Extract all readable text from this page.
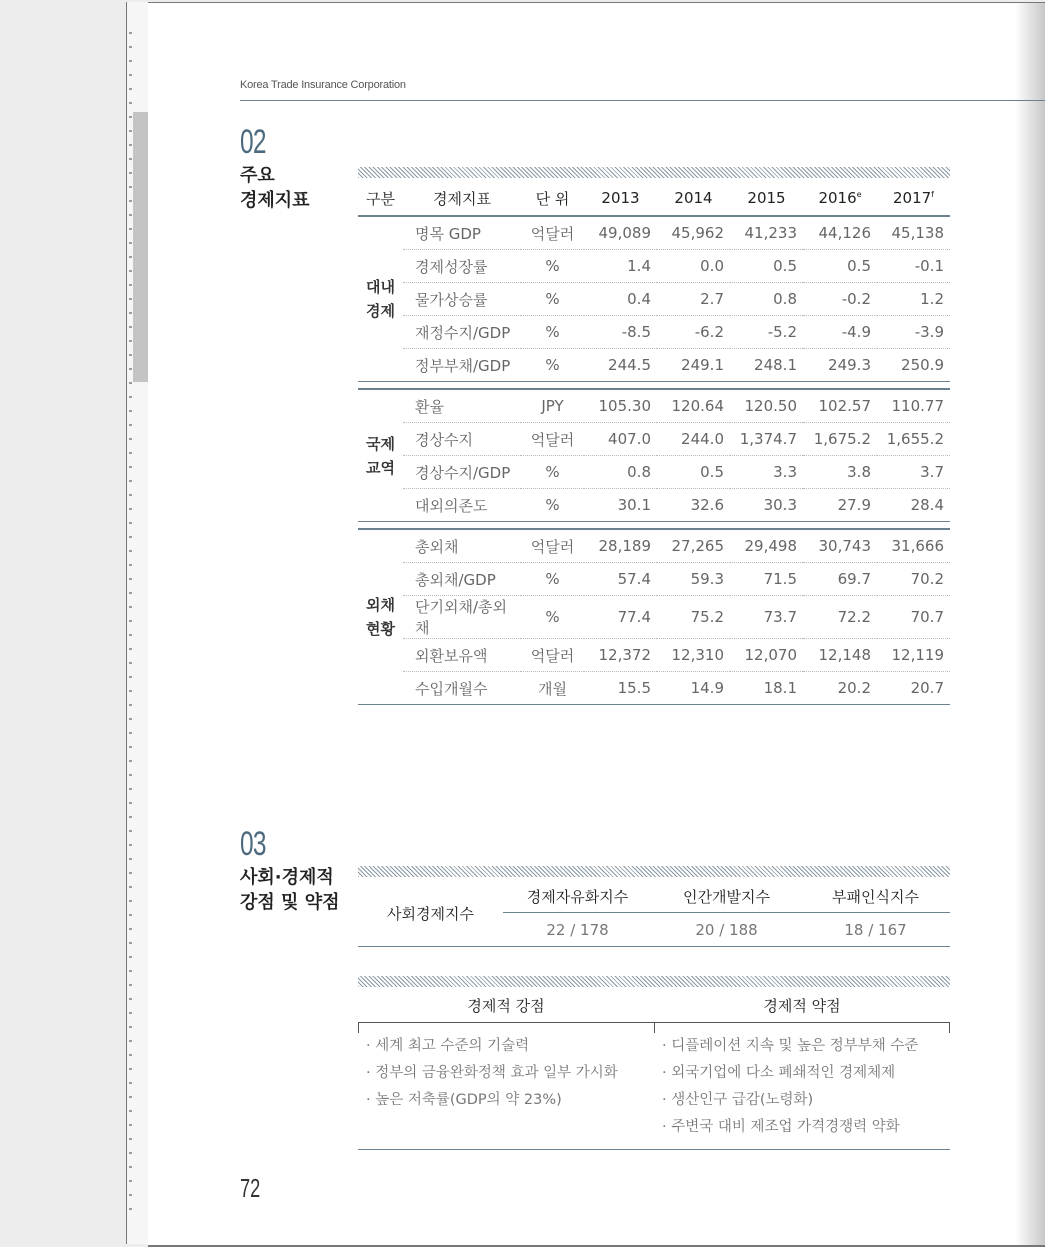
Korea Trade Insurance Corporation
02
주요
경제지표	구분	경제지표	단 위	2013	2014	2015	2016e	2017$^f$
대내
경제	명목 GDP	억달러	49,089	45,962	41,233	44,126	45,138
	경제성장률	%	1.4	0.0	0.5	0.5	-0.1
	물가상승률	%	0.4	2.7	0.8	-0.2	1.2
	재정수지/GDP	%	-8.5	-6.2	-5.2	-4.9	-3.9
	정부부채/GDP	%	244.5	249.1	248.1	249.3	250.9

국제
교역	환율	JPY	105.30	120.64	120.50	102.57	110.77
	경상수지	억달러	407.0	244.0	1,374.7	1,675.2	1,655.2
	경상수지/GDP	%	0.8	0.5	3.3	3.8	3.7
	대외의존도	%	30.1	32.6	30.3	27.9	28.4

외채
현황	총외채	억달러	28,189	27,265	29,498	30,743	31,666
	총외채/GDP	%	57.4	59.3	71.5	69.7	70.2
	단기외채/총외채	%	77.4	75.2	73.7	72.2	70.7
	외환보유액	억달러	12,372	12,310	12,070	12,148	12,119
	수입개월수	개월	15.5	14.9	18.1	20.2	20.7
03
사회·경제적
강점 및 약점
사회경제지수	경제자유화지수	인간개발지수	부패인식지수
	22 / 178	20 / 188	18 / 167
경제적 강점	경제적 약점
· 세계 최고 수준의 기술력
· 정부의 금융완화정책 효과 일부 가시화
· 높은 저축률(GDP의 약 23%)
· 디플레이션 지속 및 높은 정부부채 수준
· 외국기업에 다소 폐쇄적인 경제체제
· 생산인구 급감(노령화)
· 주변국 대비 제조업 가격경쟁력 약화
72
